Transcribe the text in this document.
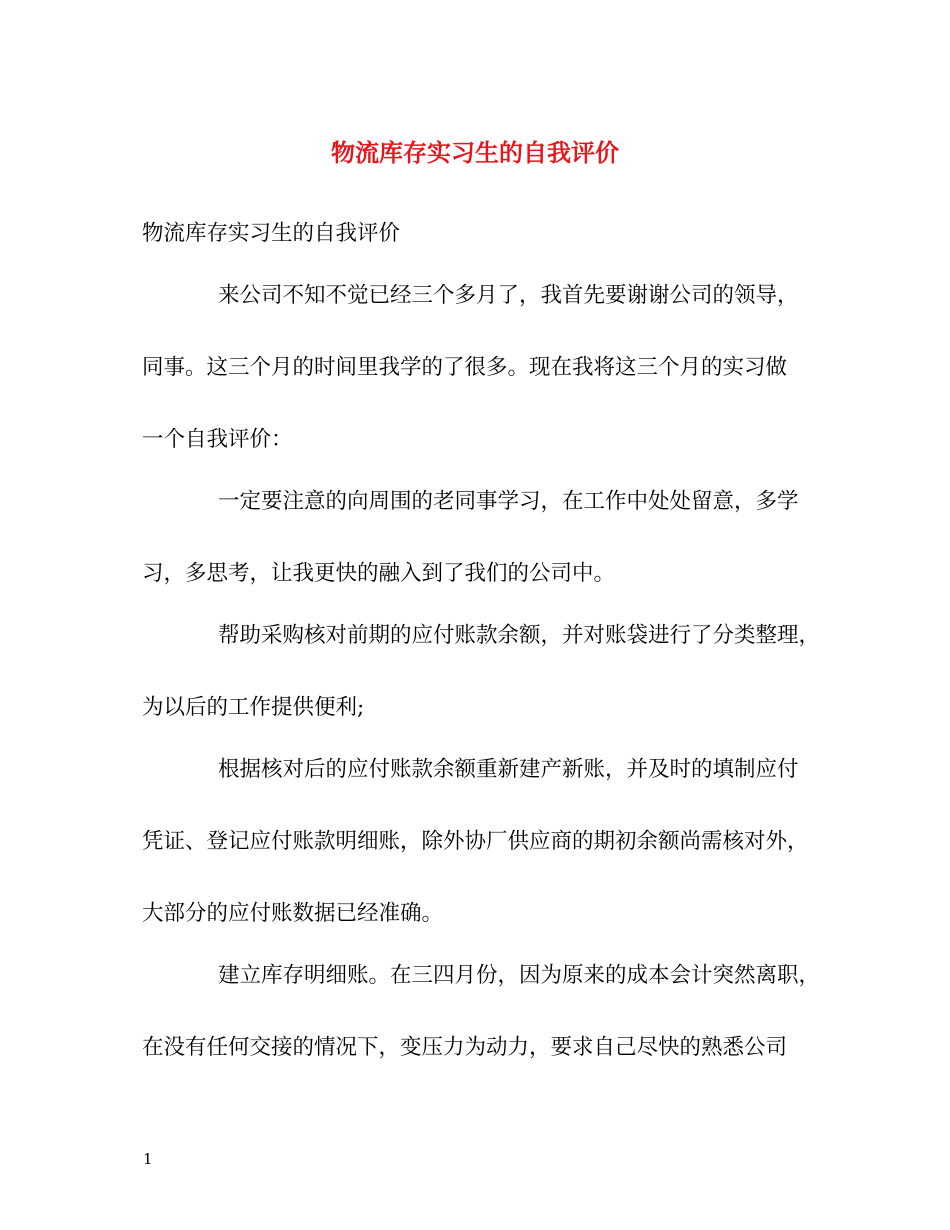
物流库存实习生的自我评价
物流库存实习生的自我评价
来公司不知不觉已经三个多月了，我首先要谢谢公司的领导，
同事。这三个月的时间里我学的了很多。现在我将这三个月的实习做
一个自我评价：
一定要注意的向周围的老同事学习，在工作中处处留意，多学
习，多思考，让我更快的融入到了我们的公司中。
帮助采购核对前期的应付账款余额，并对账袋进行了分类整理，
为以后的工作提供便利;
根据核对后的应付账款余额重新建产新账，并及时的填制应付
凭证、登记应付账款明细账，除外协厂供应商的期初余额尚需核对外，
大部分的应付账数据已经准确。
建立库存明细账。在三四月份，因为原来的成本会计突然离职，
在没有任何交接的情况下，变压力为动力，要求自己尽快的熟悉公司
1
